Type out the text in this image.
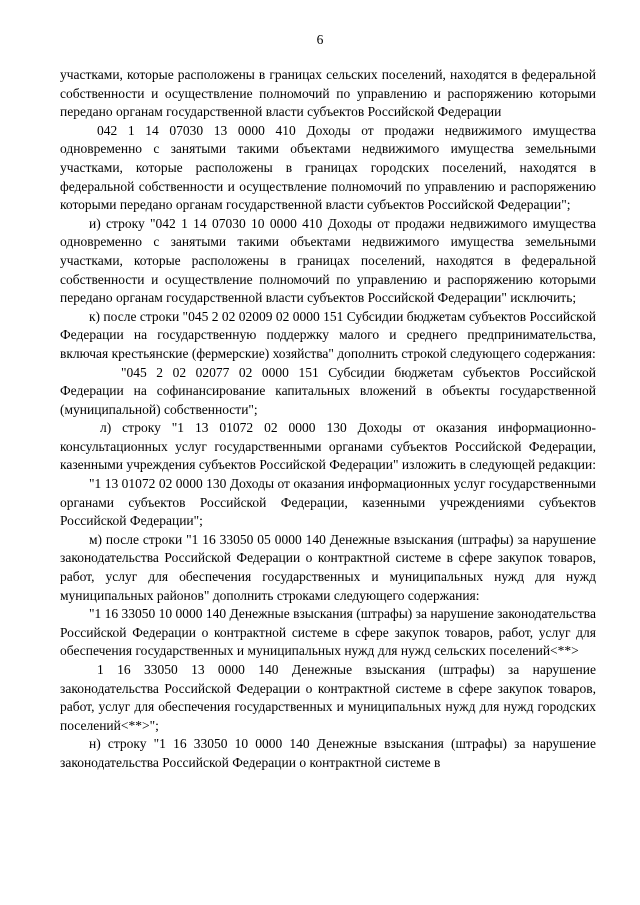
6

участками, которые расположены в границах сельских поселений, находятся в федеральной собственности и осуществление полномочий по управлению и распоряжению которыми передано органам государственной власти субъектов Российской Федерации

042 1 14 07030 13 0000 410 Доходы от продажи недвижимого имущества одновременно с занятыми такими объектами недвижимого имущества земельными участками, которые расположены в границах городских поселений, находятся в федеральной собственности и осуществление полномочий по управлению и распоряжению которыми передано органам государственной власти субъектов Российской Федерации";

и) строку "042 1 14 07030 10 0000 410 Доходы от продажи недвижимого имущества одновременно с занятыми такими объектами недвижимого имущества земельными участками, которые расположены в границах поселений, находятся в федеральной собственности и осуществление полномочий по управлению и распоряжению которыми передано органам государственной власти субъектов Российской Федерации" исключить;

к) после строки "045 2 02 02009 02 0000 151 Субсидии бюджетам субъектов Российской Федерации на государственную поддержку малого и среднего предпринимательства, включая крестьянские (фермерские) хозяйства" дополнить строкой следующего содержания:

"045 2 02 02077 02 0000 151 Субсидии бюджетам субъектов Российской Федерации на софинансирование капитальных вложений в объекты государственной (муниципальной) собственности";

л) строку "1 13 01072 02 0000 130 Доходы от оказания информационно-консультационных услуг государственными органами субъектов Российской Федерации, казенными учреждения субъектов Российской Федерации" изложить в следующей редакции:

"1 13 01072 02 0000 130 Доходы от оказания информационных услуг государственными органами субъектов Российской Федерации, казенными учреждениями субъектов Российской Федерации";

м) после строки "1 16 33050 05 0000 140 Денежные взыскания (штрафы) за нарушение законодательства Российской Федерации о контрактной системе в сфере закупок товаров, работ, услуг для обеспечения государственных и муниципальных нужд для нужд муниципальных районов" дополнить строками следующего содержания:

"1 16 33050 10 0000 140 Денежные взыскания (штрафы) за нарушение законодательства Российской Федерации о контрактной системе в сфере закупок товаров, работ, услуг для обеспечения государственных и муниципальных нужд для нужд сельских поселений<**>

1 16 33050 13 0000 140 Денежные взыскания (штрафы) за нарушение законодательства Российской Федерации о контрактной системе в сфере закупок товаров, работ, услуг для обеспечения государственных и муниципальных нужд для нужд городских поселений<**>";

н) строку "1 16 33050 10 0000 140 Денежные взыскания (штрафы) за нарушение законодательства Российской Федерации о контрактной системе в
